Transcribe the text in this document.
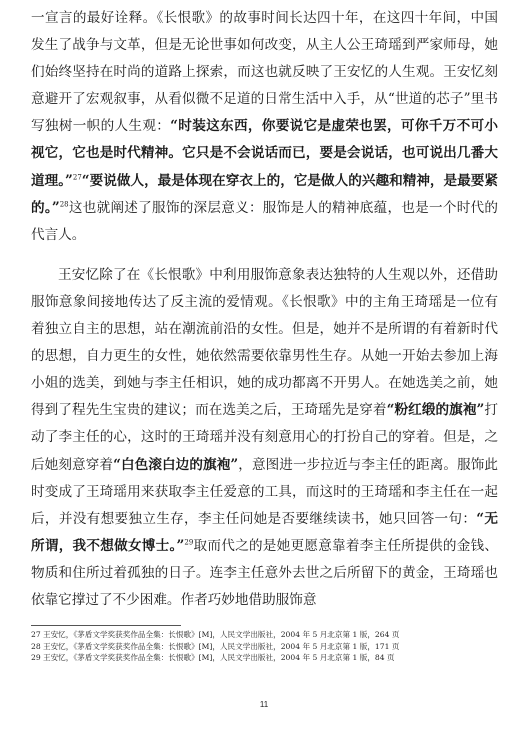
一宣言的最好诠释。《长恨歌》的故事时间长达四十年，在这四十年间，中国发生了战争与文革，但是无论世事如何改变，从主人公王琦瑶到严家师母，她们始终坚持在时尚的道路上探索，而这也就反映了王安忆的人生观。王安忆刻意避开了宏观叙事，从看似微不足道的日常生活中入手，从“世道的芯子”里书写独树一帜的人生观：“时装这东西，你要说它是虚荣也罢，可你千万不可小视它，它也是时代精神。它只是不会说话而已，要是会说话，也可说出几番大道理。”$^{27}$“要说做人，最是体现在穿衣上的，它是做人的兴趣和精神，是最要紧的。”$^{28}$这也就阐述了服饰的深层意义：服饰是人的精神底蕴，也是一个时代的代言人。

王安忆除了在《长恨歌》中利用服饰意象表达独特的人生观以外，还借助服饰意象间接地传达了反主流的爱情观。《长恨歌》中的主角王琦瑶是一位有着独立自主的思想，站在潮流前沿的女性。但是，她并不是所谓的有着新时代的思想，自力更生的女性，她依然需要依靠男性生存。从她一开始去参加上海小姐的选美，到她与李主任相识，她的成功都离不开男人。在她选美之前，她得到了程先生宝贵的建议；而在选美之后，王琦瑶先是穿着“粉红缎的旗袍”打动了李主任的心，这时的王琦瑶并没有刻意用心的打扮自己的穿着。但是，之后她刻意穿着“白色滚白边的旗袍”，意图进一步拉近与李主任的距离。服饰此时变成了王琦瑶用来获取李主任爱意的工具，而这时的王琦瑶和李主任在一起后，并没有想要独立生存，李主任问她是否要继续读书，她只回答一句：“无所谓，我不想做女博士。”$^{29}$取而代之的是她更愿意靠着李主任所提供的金钱、物质和住所过着孤独的日子。连李主任意外去世之后所留下的黄金，王琦瑶也依靠它撑过了不少困难。作者巧妙地借助服饰意

27 王安忆，《茅盾文学奖获奖作品全集：长恨歌》[M]，人民文学出版社，2004 年 5 月北京第 1 版，264 页
28 王安忆，《茅盾文学奖获奖作品全集：长恨歌》[M]，人民文学出版社，2004 年 5 月北京第 1 版，171 页
29 王安忆，《茅盾文学奖获奖作品全集：长恨歌》[M]，人民文学出版社，2004 年 5 月北京第 1 版，84 页
11
